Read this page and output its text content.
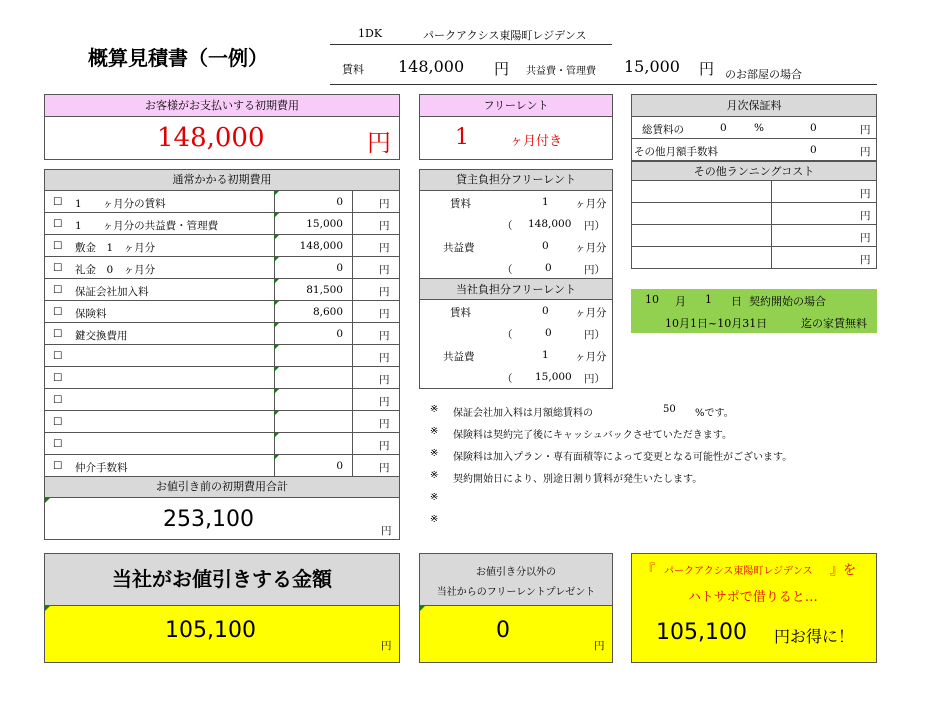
概算見積書（一例）
1DK	パークアクシス東陽町レジデンス
賃料 148,000 円 共益費・管理費 15,000 円 のお部屋の場合
お客様がお支払いする初期費用
148,000	円
フリーレント
1	ヶ月付き
月次保証料
総賃料の	0	%	0	円
その他月額手数料	0	円
その他ランニングコスト
円
円
円
円
通常かかる初期費用
☐ 1　　ヶ月分の賃料	0	円
☐ 1　　ヶ月分の共益費・管理費	15,000	円
☐ 敷金　1　ヶ月分	148,000	円
☐ 礼金　0　ヶ月分	0	円
☐ 保証会社加入料	81,500	円
☐ 保険料	8,600	円
☐ 鍵交換費用	0	円
☐	円
☐	円
☐	円
☐	円
☐	円
☐ 仲介手数料	0	円
お値引き前の初期費用合計
253,100	円
貸主負担分フリーレント
賃料	1	ヶ月分
（ 148,000 円）
共益費	0	ヶ月分
（	0	円）
当社負担分フリーレント
賃料	0	ヶ月分
（	0	円）
共益費	1	ヶ月分
（ 15,000 円）
10 月 1 日 契約開始の場合
10月1日~10月31日	迄の家賃無料
※ 保証会社加入料は月額総賃料の	50 %です。
※ 保険料は契約完了後にキャッシュバックさせていただきます。
※ 保険料は加入プラン・専有面積等によって変更となる可能性がございます。
※ 契約開始日により、別途日割り賃料が発生いたします。
※
※
当社がお値引きする金額
105,100
円
お値引き分以外の
当社からのフリーレントプレゼント
0
円
『 パークアクシス東陽町レジデンス 』を
ハトサポで借りると…
105,100 円お得に！
